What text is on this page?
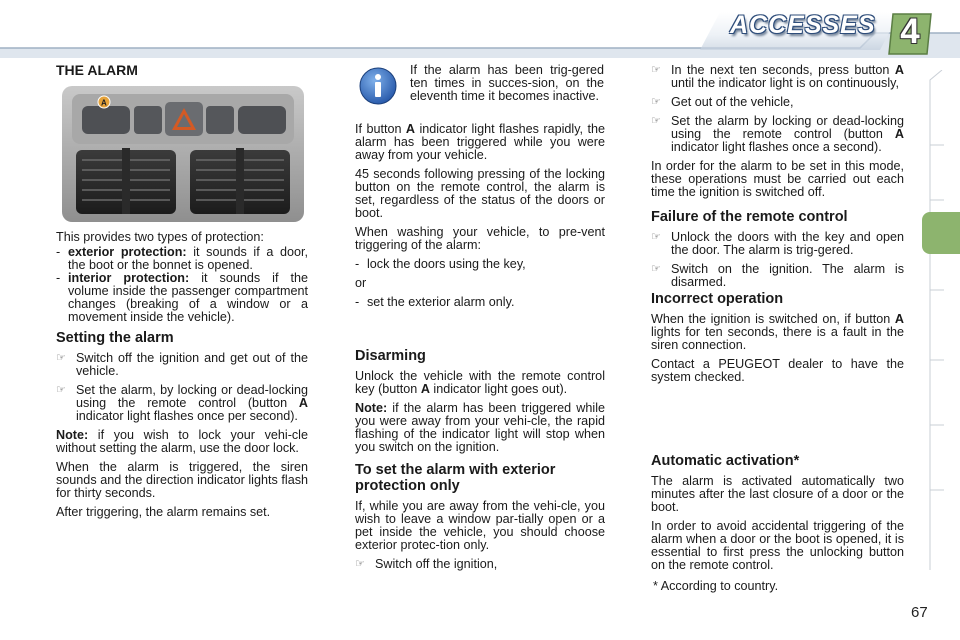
ACCESSES 4
THE ALARM
A

This provides two types of protection:

- exterior protection: it sounds if a door, the boot or the bonnet is opened.
- interior protection: it sounds if the volume inside the passenger compartment changes (breaking of a window or a movement inside the vehicle).
Setting the alarm
☞ Switch off the ignition and get out of the vehicle.
☞ Set the alarm, by locking or dead-locking using the remote control (button A indicator light flashes once per second).

Note: if you wish to lock your vehi-cle without setting the alarm, use the door lock.

When the alarm is triggered, the siren sounds and the direction indicator lights flash for thirty seconds.

After triggering, the alarm remains set.

If the alarm has been trig-gered ten times in succes-sion, on the eleventh time it becomes inactive.

If button A indicator light flashes rapidly, the alarm has been triggered while you were away from your vehicle.

45 seconds following pressing of the locking button on the remote control, the alarm is set, regardless of the status of the doors or boot.

When washing your vehicle, to pre-vent triggering of the alarm:

- lock the doors using the key,

or

- set the exterior alarm only.
Disarming

Unlock the vehicle with the remote control key (button A indicator light goes out).

Note: if the alarm has been triggered while you were away from your vehi-cle, the rapid flashing of the indicator light will stop when you switch on the ignition.

To set the alarm with exterior
protection only

If, while you are away from the vehi-cle, you wish to leave a window par-tially open or a pet inside the vehicle, you should choose exterior protec-tion only.

☞ Switch off the ignition,
☞ In the next ten seconds, press button A until the indicator light is on continuously,
☞ Get out of the vehicle,
☞ Set the alarm by locking or dead-locking using the remote control (button A indicator light flashes once a second).

In order for the alarm to be set in this mode, these operations must be carried out each time the ignition is switched off.

Failure of the remote control
☞ Unlock the doors with the key and open the door. The alarm is trig-gered.
☞ Switch on the ignition. The alarm is disarmed.
Incorrect operation

When the ignition is switched on, if button A lights for ten seconds, there is a fault in the siren connection.

Contact a PEUGEOT dealer to have the system checked.

Automatic activation*

The alarm is activated automatically two minutes after the last closure of a door or the boot.

In order to avoid accidental triggering of the alarm when a door or the boot is opened, it is essential to first press the unlocking button on the remote control.

* According to country.

67
